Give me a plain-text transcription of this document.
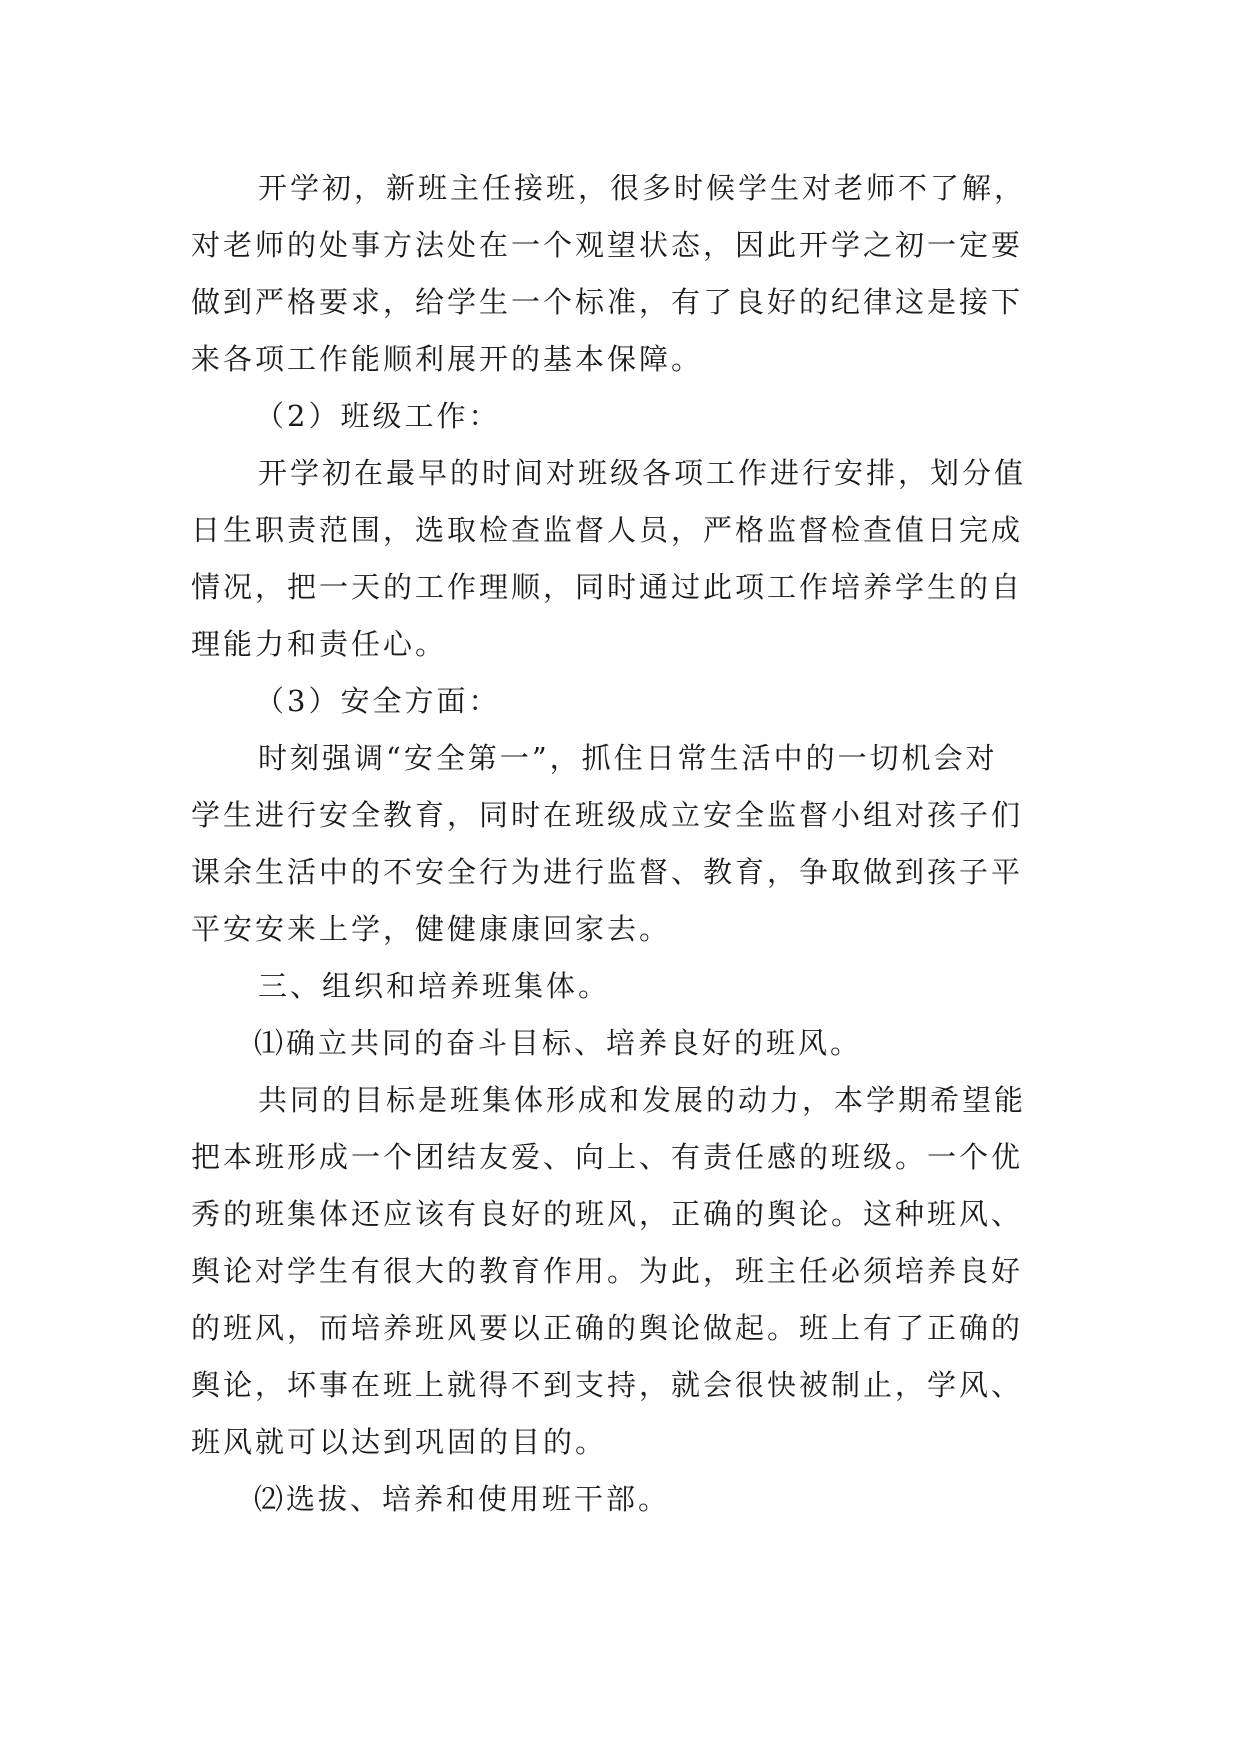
开学初，新班主任接班，很多时候学生对老师不了解，
对老师的处事方法处在一个观望状态，因此开学之初一定要
做到严格要求，给学生一个标准，有了良好的纪律这是接下
来各项工作能顺利展开的基本保障。
（2）班级工作：
开学初在最早的时间对班级各项工作进行安排，划分值
日生职责范围，选取检查监督人员，严格监督检查值日完成
情况，把一天的工作理顺，同时通过此项工作培养学生的自
理能力和责任心。
（3）安全方面：
时刻强调“安全第一”，抓住日常生活中的一切机会对
学生进行安全教育，同时在班级成立安全监督小组对孩子们
课余生活中的不安全行为进行监督、教育，争取做到孩子平
平安安来上学，健健康康回家去。
三、组织和培养班集体。
⑴确立共同的奋斗目标、培养良好的班风。
共同的目标是班集体形成和发展的动力，本学期希望能
把本班形成一个团结友爱、向上、有责任感的班级。一个优
秀的班集体还应该有良好的班风，正确的舆论。这种班风、
舆论对学生有很大的教育作用。为此，班主任必须培养良好
的班风，而培养班风要以正确的舆论做起。班上有了正确的
舆论，坏事在班上就得不到支持，就会很快被制止，学风、
班风就可以达到巩固的目的。
⑵选拔、培养和使用班干部。
